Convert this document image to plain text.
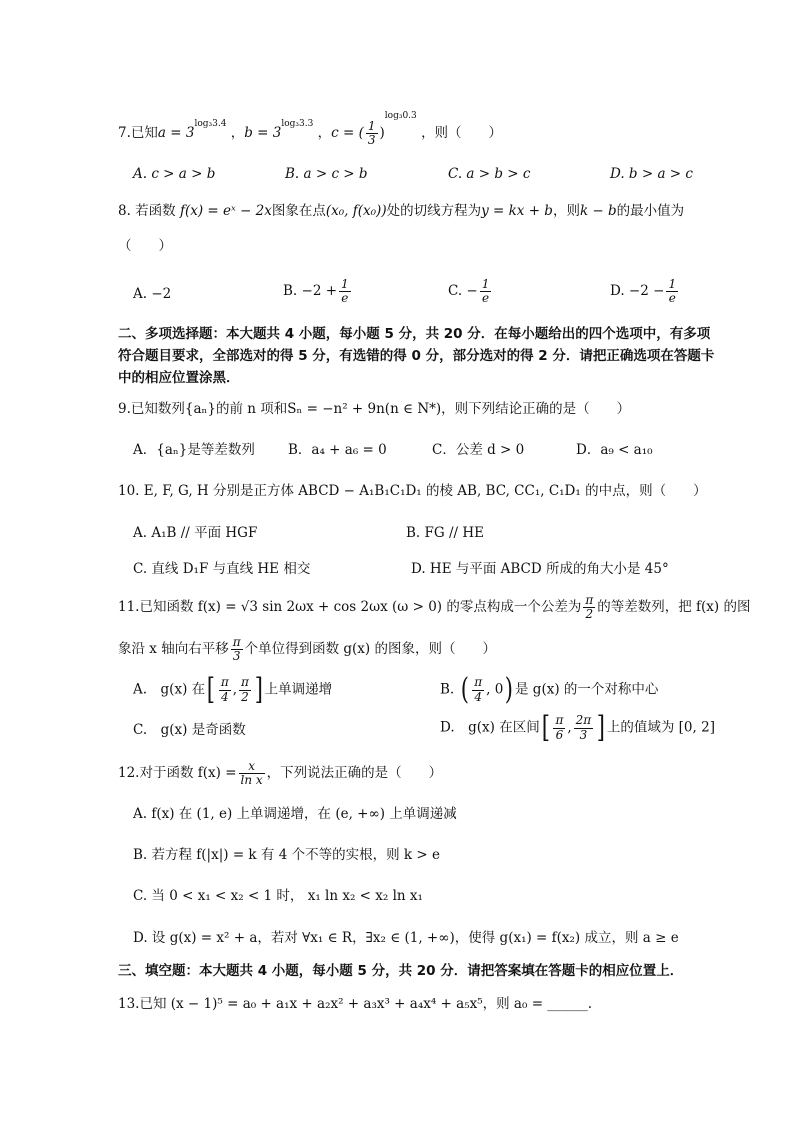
7.已知$a = 3^{log_33.4}$ ，$b = 3^{log_33.3}$ ，c = ( $\frac{1}{3} )^{log_30.3}$ ，则（　　）
A. c > a > b	B. a > c > b	C. a > b > c	D. b > a > c
8. 若函数 f(x) = eˣ − 2x图象在点(x₀, f(x₀))处的切线方程为y = kx + b，则k − b的最小值为
（　　）
A. −2	B. $-2 + \frac{1}{e}$	C. − $\frac{1}{e}$	D. $-2 - \frac{1}{e}$
二、多项选择题：本大题共 4 小题，每小题 5 分，共 20 分．在每小题给出的四个选项中，有多项
符合题目要求，全部选对的得 5 分，有选错的得 0 分，部分选对的得 2 分．请把正确选项在答题卡
中的相应位置涂黑．
9.已知数列{aₙ}的前 n 项和Sₙ = −n² + 9n(n ∈ N*)，则下列结论正确的是（　　）
A．{aₙ}是等差数列 B．a₄ + a₆ = 0	C．公差 d > 0	D．a₉ < a₁₀
10. E, F, G, H 分别是正方体 ABCD − A₁B₁C₁D₁ 的棱 AB, BC, CC₁, C₁D₁ 的中点，则（　　）
A. A₁B // 平面 HGF	B. FG // HE
C. 直线 D₁F 与直线 HE 相交	D. HE 与平面 ABCD 所成的角大小是 45°
11.已知函数 f(x) = √3 sin 2ωx + cos 2ωx (ω > 0) 的零点构成一个公差为 $\frac{\pi}{2}$ 的等差数列，把 f(x) 的图
象沿 x 轴向右平移 $\frac{\pi}{3}$ 个单位得到函数 g(x) 的图象，则（　　）
A.　g(x) 在[ $\frac{\pi}{4}$ , $\frac{\pi}{2}$ ] 上单调递增	B. ( $\frac{\pi}{4}$ , 0) 是 g(x) 的一个对称中心
C.　g(x) 是奇函数	D.　g(x) 在区间[ $\frac{\pi}{6}$ , $\frac{2\pi}{3}$ ] 上的值域为 [0, 2]
12.对于函数 $f(x) = \frac{x}{\text{ln x}}$ ，下列说法正确的是（　　）
A. f(x) 在 (1, e) 上单调递增，在 (e, +∞) 上单调递减
B. 若方程 f(|x|) = k 有 4 个不等的实根，则 k > e
C. 当 0 < x₁ < x₂ < 1 时， x₁ ln x₂ < x₂ ln x₁
D. 设 g(x) = x² + a，若对 ∀x₁ ∈ R，∃x₂ ∈ (1, +∞)，使得 g(x₁) = f(x₂) 成立，则 a ≥ e
三、填空题：本大题共 4 小题，每小题 5 分，共 20 分．请把答案填在答题卡的相应位置上．
13.已知 (x − 1)⁵ = a₀ + a₁x + a₂x² + a₃x³ + a₄x⁴ + a₅x⁵，则 a₀ = ______.
